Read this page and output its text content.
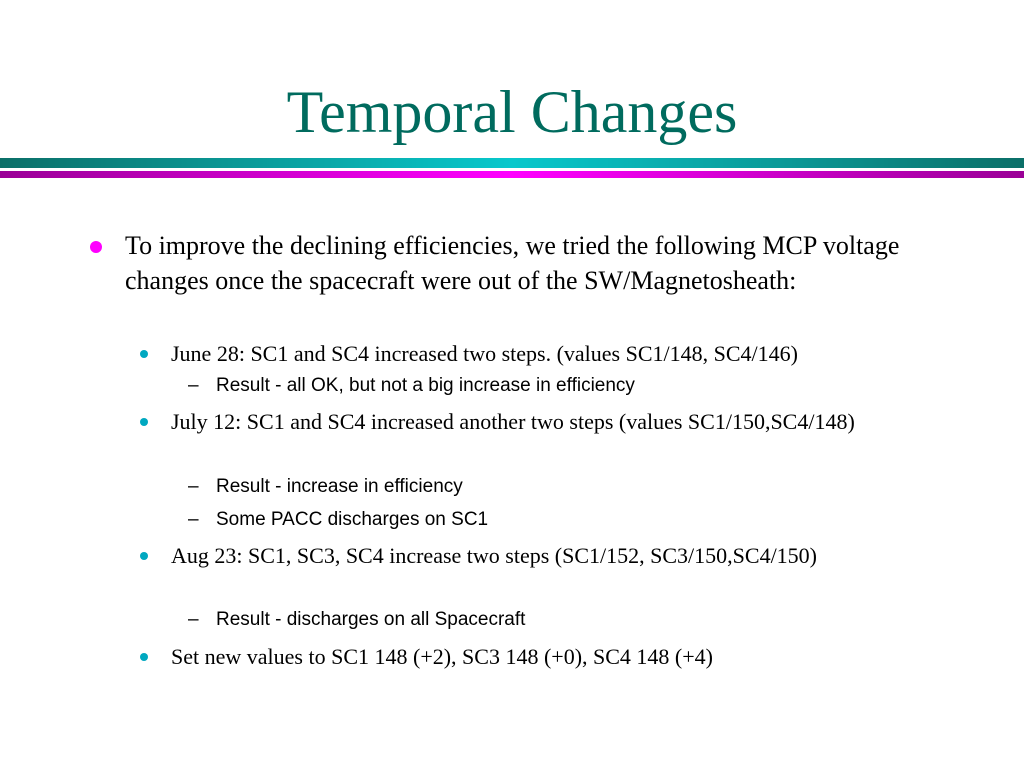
Temporal Changes
To improve the declining efficiencies, we tried the following MCP voltage changes once the spacecraft were out of the SW/Magnetosheath:
June 28: SC1 and SC4 increased two steps. (values SC1/148, SC4/146)
– Result - all OK, but not a big increase in efficiency
July 12: SC1 and SC4 increased another two steps (values SC1/150,SC4/148)
– Result - increase in efficiency
– Some PACC discharges on SC1
Aug 23: SC1, SC3, SC4 increase two steps (SC1/152, SC3/150,SC4/150)
– Result - discharges on all Spacecraft
Set new values to SC1 148 (+2), SC3 148 (+0), SC4 148 (+4)
